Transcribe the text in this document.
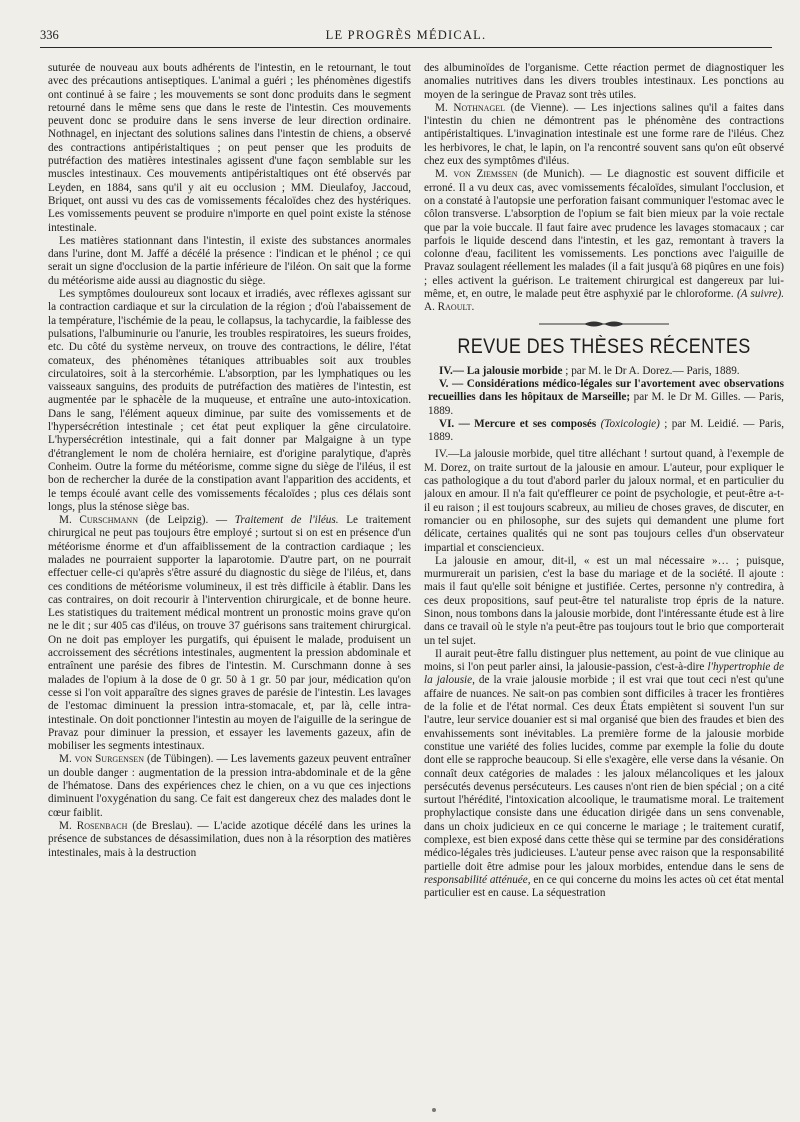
336	LE PROGRÈS MÉDICAL.

suturée de nouveau aux bouts adhérents de l'intestin, en le retournant, le tout avec des précautions antiseptiques. L'animal a guéri ; les phénomènes digestifs ont continué à se faire ; les mouvements se sont donc produits dans le segment retourné dans le même sens que dans le reste de l'intestin. Ces mouvements peuvent donc se produire dans le sens inverse de leur direction ordinaire. Nothnagel, en injectant des solutions salines dans l'intestin de chiens, a observé des contractions antipéristaltiques ; on peut penser que les produits de putréfaction des matières intestinales agissent d'une façon semblable sur les muscles intestinaux. Ces mouvements antipéristaltiques ont été observés par Leyden, en 1884, sans qu'il y ait eu occlusion ; MM. Dieulafoy, Jaccoud, Briquet, ont aussi vu des cas de vomissements fécaloïdes chez des hystériques. Les vomissements peuvent se produire n'importe en quel point existe la sténose intestinale.

Les matières stationnant dans l'intestin, il existe des substances anormales dans l'urine, dont M. Jaffé a décélé la présence : l'indican et le phénol ; ce qui serait un signe d'occlusion de la partie inférieure de l'iléon. On sait que la forme du météorisme aide aussi au diagnostic du siège.

Les symptômes douloureux sont locaux et irradiés, avec réflexes agissant sur la contraction cardiaque et sur la circulation de la région ; d'où l'abaissement de la température, l'ischémie de la peau, le collapsus, la tachycardie, la faiblesse des pulsations, l'albuminurie ou l'anurie, les troubles respiratoires, les sueurs froides, etc. Du côté du système nerveux, on trouve des contractions, le délire, l'état comateux, des phénomènes tétaniques attribuables soit aux troubles circulatoires, soit à la stercorhémie. L'absorption, par les lymphatiques ou les vaisseaux sanguins, des produits de putréfaction des matières de l'intestin, est augmentée par le sphacèle de la muqueuse, et entraîne une auto-intoxication. Dans le sang, l'élément aqueux diminue, par suite des vomissements et de l'hypersécrétion intestinale ; cet état peut expliquer la gêne circulatoire. L'hypersécrétion intestinale, qui a fait donner par Malgaigne à un type d'étranglement le nom de choléra herniaire, est d'origine paralytique, d'après Conheim. Outre la forme du météorisme, comme signe du siège de l'iléus, il est bon de rechercher la durée de la constipation avant l'apparition des accidents, et le temps écoulé avant celle des vomissements fécaloïdes ; plus ces délais sont longs, plus la sténose siège bas.

M. Curschmann (de Leipzig). — Traitement de l'iléus. Le traitement chirurgical ne peut pas toujours être employé ; surtout si on est en présence d'un météorisme énorme et d'un affaiblissement de la contraction cardiaque ; les malades ne pourraient supporter la laparotomie. D'autre part, on ne pourrait effectuer celle-ci qu'après s'être assuré du diagnostic du siège de l'iléus, et, dans ces conditions de météorisme volumineux, il est très difficile à établir. Dans les cas contraires, on doit recourir à l'intervention chirurgicale, et de bonne heure. Les statistiques du traitement médical montrent un pronostic moins grave qu'on ne le dit ; sur 405 cas d'iléus, on trouve 37 guérisons sans traitement chirurgical. On ne doit pas employer les purgatifs, qui épuisent le malade, produisent un accroissement des sécrétions intestinales, augmentent la pression abdominale et entraînent une parésie des fibres de l'intestin. M. Curschmann donne à ses malades de l'opium à la dose de 0 gr. 50 à 1 gr. 50 par jour, médication qu'on cesse si l'on voit apparaître des signes graves de parésie de l'intestin. Les lavages de l'estomac diminuent la pression intra-stomacale, et, par là, celle intra-intestinale. On doit ponctionner l'intestin au moyen de l'aiguille de la seringue de Pravaz pour diminuer la pression, et essayer les lavements gazeux, afin de mobiliser les segments intestinaux.

M. von Surgensen (de Tübingen). — Les lavements gazeux peuvent entraîner un double danger : augmentation de la pression intra-abdominale et de la gêne de l'hématose. Dans des expériences chez le chien, on a vu que ces injections diminuent l'oxygénation du sang. Ce fait est dangereux chez des malades dont le cœur faiblit.

M. Rosenbach (de Breslau). — L'acide azotique décélé dans les urines la présence de substances de désassimilation, dues non à la résorption des matières intestinales, mais à la destruction

des albuminoïdes de l'organisme. Cette réaction permet de diagnostiquer les anomalies nutritives dans les divers troubles intestinaux. Les ponctions au moyen de la seringue de Pravaz sont très utiles.

M. Nothnagel (de Vienne). — Les injections salines qu'il a faites dans l'intestin du chien ne démontrent pas le phénomène des contractions antipéristaltiques. L'invagination intestinale est une forme rare de l'iléus. Chez les herbivores, le chat, le lapin, on l'a rencontré souvent sans qu'on eût observé chez eux des symptômes d'iléus.

M. von Ziemssen (de Munich). — Le diagnostic est souvent difficile et erroné. Il a vu deux cas, avec vomissements fécaloïdes, simulant l'occlusion, et on a constaté à l'autopsie une perforation faisant communiquer l'estomac avec le côlon transverse. L'absorption de l'opium se fait bien mieux par la voie rectale que par la voie buccale. Il faut faire avec prudence les lavages stomacaux ; car parfois le liquide descend dans l'intestin, et les gaz, remontant à travers la colonne d'eau, facilitent les vomissements. Les ponctions avec l'aiguille de Pravaz soulagent réellement les malades (il a fait jusqu'à 68 piqûres en une fois) ; elles activent la guérison. Le traitement chirurgical est dangereux par lui-même, et, en outre, le malade peut être asphyxié par le chloroforme. (A suivre). A. Raoult.

REVUE DES THÈSES RÉCENTES

IV.— La jalousie morbide ; par M. le Dr A. Dorez.— Paris, 1889.

V. — Considérations médico-légales sur l'avortement avec observations recueillies dans les hôpitaux de Marseille; par M. le Dr M. Gilles. — Paris, 1889.

VI. — Mercure et ses composés (Toxicologie) ; par M. Leidié. — Paris, 1889.

IV.—La jalousie morbide, quel titre alléchant ! surtout quand, à l'exemple de M. Dorez, on traite surtout de la jalousie en amour. L'auteur, pour expliquer le cas pathologique a du tout d'abord parler du jaloux normal, et en particulier du jaloux en amour. Il n'a fait qu'effleurer ce point de psychologie, et peut-être a-t-il eu raison ; il est toujours scabreux, au milieu de choses graves, de discuter, en romancier ou en philosophe, sur des sujets qui demandent une plume fort délicate, certaines qualités qui ne sont pas toujours celles d'un observateur impartial et consciencieux.

La jalousie en amour, dit-il, « est un mal nécessaire »… ; puisque, murmurerait un parisien, c'est la base du mariage et de la société. Il ajoute : mais il faut qu'elle soit bénigne et justifiée. Certes, personne n'y contredira, à ces deux propositions, sauf peut-être tel naturaliste trop épris de la nature. Sinon, nous tombons dans la jalousie morbide, dont l'intéressante étude est à lire dans ce travail où le style n'a peut-être pas toujours tout le brio que comporterait un tel sujet.

Il aurait peut-être fallu distinguer plus nettement, au point de vue clinique au moins, si l'on peut parler ainsi, la jalousie-passion, c'est-à-dire l'hypertrophie de la jalousie, de la vraie jalousie morbide ; il est vrai que tout ceci n'est qu'une affaire de nuances. Ne sait-on pas combien sont difficiles à tracer les frontières de la folie et de l'état normal. Ces deux États empiètent si souvent l'un sur l'autre, leur service douanier est si mal organisé que bien des fraudes et bien des envahissements sont inévitables. La première forme de la jalousie morbide constitue une variété des folies lucides, comme par exemple la folie du doute dont elle se rapproche beaucoup. Si elle s'exagère, elle verse dans la vésanie. On connaît deux catégories de malades : les jaloux mélancoliques et les jaloux persécutés devenus persécuteurs. Les causes n'ont rien de bien spécial ; on a cité surtout l'hérédité, l'intoxication alcoolique, le traumatisme moral. Le traitement prophylactique consiste dans une éducation dirigée dans un sens convenable, dans un choix judicieux en ce qui concerne le mariage ; le traitement curatif, complexe, est bien exposé dans cette thèse qui se termine par des considérations médico-légales très judicieuses. L'auteur pense avec raison que la responsabilité partielle doit être admise pour les jaloux morbides, entendue dans le sens de responsabilité atténuée, en ce qui concerne du moins les actes où cet état mental particulier est en cause. La séquestration
